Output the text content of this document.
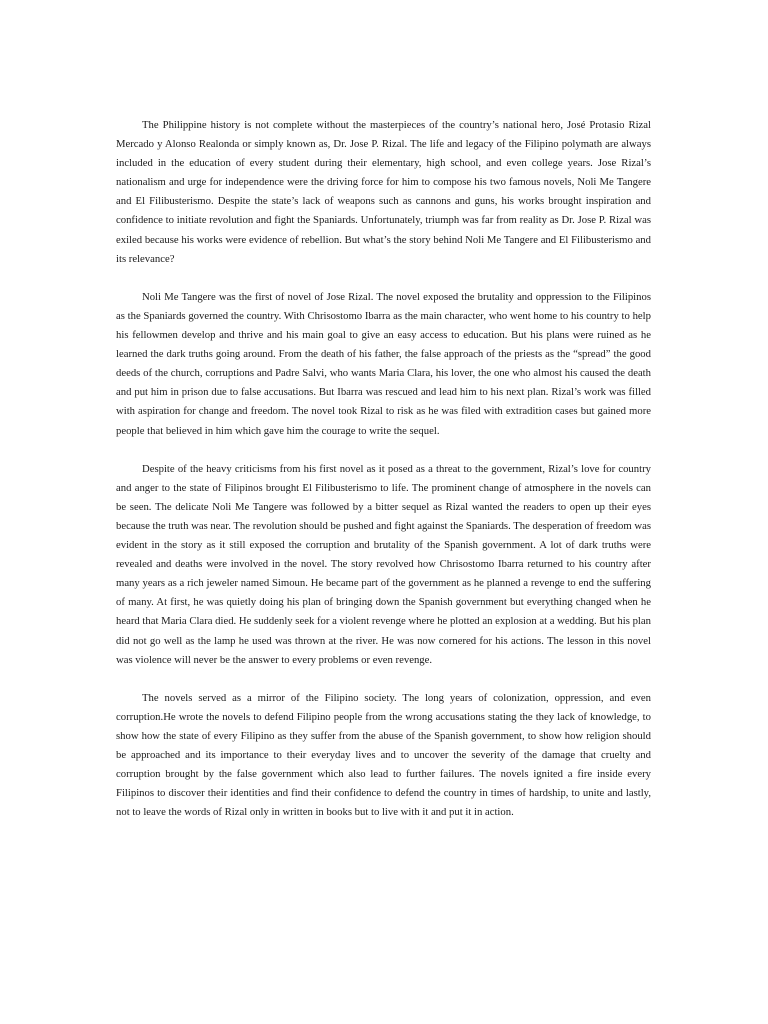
The Philippine history is not complete without the masterpieces of the country’s national hero, José Protasio Rizal Mercado y Alonso Realonda or simply known as, Dr. Jose P. Rizal. The life and legacy of the Filipino polymath are always included in the education of every student during their elementary, high school, and even college years. Jose Rizal’s nationalism and urge for independence were the driving force for him to compose his two famous novels, Noli Me Tangere and El Filibusterismo. Despite the state’s lack of weapons such as cannons and guns, his works brought inspiration and confidence to initiate revolution and fight the Spaniards. Unfortunately, triumph was far from reality as Dr. Jose P. Rizal was exiled because his works were evidence of rebellion. But what’s the story behind Noli Me Tangere and El Filibusterismo and its relevance?

Noli Me Tangere was the first of novel of Jose Rizal. The novel exposed the brutality and oppression to the Filipinos as the Spaniards governed the country. With Chrisostomo Ibarra as the main character, who went home to his country to help his fellowmen develop and thrive and his main goal to give an easy access to education. But his plans were ruined as he learned the dark truths going around. From the death of his father, the false approach of the priests as the “spread” the good deeds of the church, corruptions and Padre Salvi, who wants Maria Clara, his lover, the one who almost his caused the death and put him in prison due to false accusations. But Ibarra was rescued and lead him to his next plan. Rizal’s work was filled with aspiration for change and freedom. The novel took Rizal to risk as he was filed with extradition cases but gained more people that believed in him which gave him the courage to write the sequel.

Despite of the heavy criticisms from his first novel as it posed as a threat to the government, Rizal’s love for country and anger to the state of Filipinos brought El Filibusterismo to life. The prominent change of atmosphere in the novels can be seen. The delicate Noli Me Tangere was followed by a bitter sequel as Rizal wanted the readers to open up their eyes because the truth was near. The revolution should be pushed and fight against the Spaniards. The desperation of freedom was evident in the story as it still exposed the corruption and brutality of the Spanish government. A lot of dark truths were revealed and deaths were involved in the novel. The story revolved how Chrisostomo Ibarra returned to his country after many years as a rich jeweler named Simoun. He became part of the government as he planned a revenge to end the suffering of many. At first, he was quietly doing his plan of bringing down the Spanish government but everything changed when he heard that Maria Clara died. He suddenly seek for a violent revenge where he plotted an explosion at a wedding. But his plan did not go well as the lamp he used was thrown at the river. He was now cornered for his actions. The lesson in this novel was violence will never be the answer to every problems or even revenge.

The novels served as a mirror of the Filipino society. The long years of colonization, oppression, and even corruption.He wrote the novels to defend Filipino people from the wrong accusations stating the they lack of knowledge, to show how the state of every Filipino as they suffer from the abuse of the Spanish government, to show how religion should be approached and its importance to their everyday lives and to uncover the severity of the damage that cruelty and corruption brought by the false government which also lead to further failures. The novels ignited a fire inside every Filipinos to discover their identities and find their confidence to defend the country in times of hardship, to unite and lastly, not to leave the words of Rizal only in written in books but to live with it and put it in action.
